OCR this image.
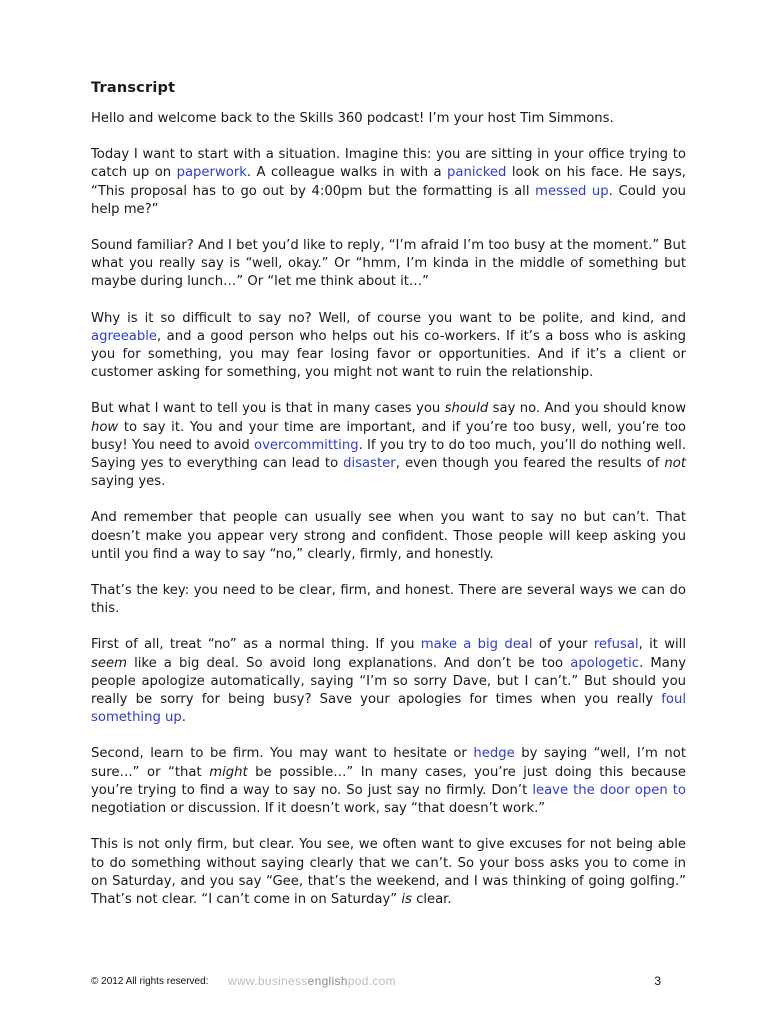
Transcript

Hello and welcome back to the Skills 360 podcast! I’m your host Tim Simmons.

Today I want to start with a situation. Imagine this: you are sitting in your office trying to catch up on paperwork. A colleague walks in with a panicked look on his face. He says, “This proposal has to go out by 4:00pm but the formatting is all messed up. Could you help me?”

Sound familiar? And I bet you’d like to reply, “I’m afraid I’m too busy at the moment.” But what you really say is “well, okay.” Or “hmm, I’m kinda in the middle of something but maybe during lunch…” Or “let me think about it…”

Why is it so difficult to say no? Well, of course you want to be polite, and kind, and agreeable, and a good person who helps out his co-workers. If it’s a boss who is asking you for something, you may fear losing favor or opportunities. And if it’s a client or customer asking for something, you might not want to ruin the relationship.

But what I want to tell you is that in many cases you should say no. And you should know how to say it. You and your time are important, and if you’re too busy, well, you’re too busy! You need to avoid overcommitting. If you try to do too much, you’ll do nothing well. Saying yes to everything can lead to disaster, even though you feared the results of not saying yes.

And remember that people can usually see when you want to say no but can’t. That doesn’t make you appear very strong and confident. Those people will keep asking you until you find a way to say “no,” clearly, firmly, and honestly.

That’s the key: you need to be clear, firm, and honest. There are several ways we can do this.

First of all, treat “no” as a normal thing. If you make a big deal of your refusal, it will seem like a big deal. So avoid long explanations. And don’t be too apologetic. Many people apologize automatically, saying “I’m so sorry Dave, but I can’t.” But should you really be sorry for being busy? Save your apologies for times when you really foul something up.

Second, learn to be firm. You may want to hesitate or hedge by saying “well, I’m not sure…” or “that might be possible…” In many cases, you’re just doing this because you’re trying to find a way to say no. So just say no firmly. Don’t leave the door open to negotiation or discussion. If it doesn’t work, say “that doesn’t work.”

This is not only firm, but clear. You see, we often want to give excuses for not being able to do something without saying clearly that we can’t. So your boss asks you to come in on Saturday, and you say “Gee, that’s the weekend, and I was thinking of going golfing.” That’s not clear. “I can’t come in on Saturday” is clear.

© 2012 All rights reserved: www.businessenglishpod.com	3
